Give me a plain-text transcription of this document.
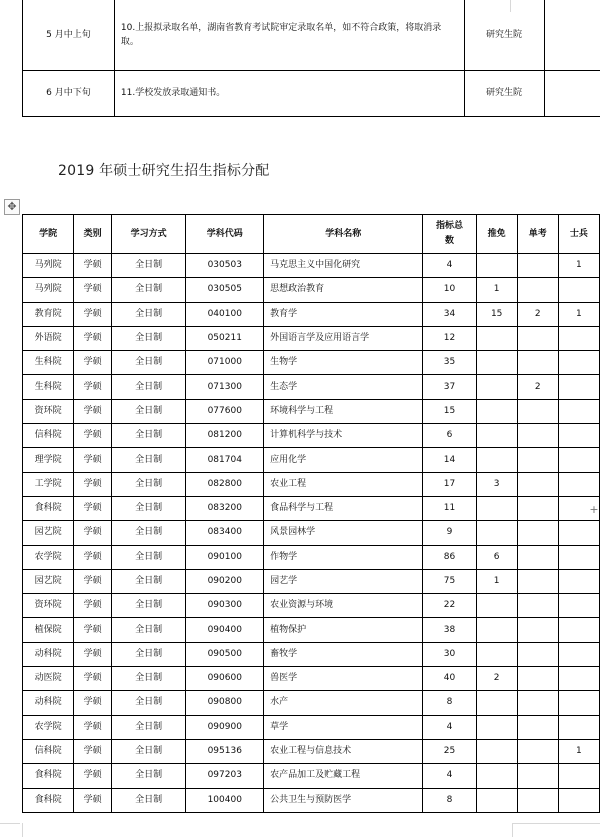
5 月中上旬	10.上报拟录取名单，湖南省教育考试院审定录取名单，如不符合政策，将取消录取。	研究生院	
6 月中下旬	11.学校发放录取通知书。	研究生院	
2019 年硕士研究生招生指标分配
✥
学院	类别	学习方式	学科代码	学科名称	指标总数	推免	单考	士兵
马列院	学硕	全日制	030503	马克思主义中国化研究	4			1
马列院	学硕	全日制	030505	思想政治教育	10	1		
教育院	学硕	全日制	040100	教育学	34	15	2	1
外语院	学硕	全日制	050211	外国语言学及应用语言学	12			
生科院	学硕	全日制	071000	生物学	35			
生科院	学硕	全日制	071300	生态学	37		2	
资环院	学硕	全日制	077600	环境科学与工程	15			
信科院	学硕	全日制	081200	计算机科学与技术	6			
理学院	学硕	全日制	081704	应用化学	14			
工学院	学硕	全日制	082800	农业工程	17	3		
食科院	学硕	全日制	083200	食品科学与工程	11			
园艺院	学硕	全日制	083400	风景园林学	9			
农学院	学硕	全日制	090100	作物学	86	6		
园艺院	学硕	全日制	090200	园艺学	75	1		
资环院	学硕	全日制	090300	农业资源与环境	22			
植保院	学硕	全日制	090400	植物保护	38			
动科院	学硕	全日制	090500	畜牧学	30			
动医院	学硕	全日制	090600	兽医学	40	2		
动科院	学硕	全日制	090800	水产	8			
农学院	学硕	全日制	090900	草学	4			
信科院	学硕	全日制	095136	农业工程与信息技术	25			1
食科院	学硕	全日制	097203	农产品加工及贮藏工程	4			
食科院	学硕	全日制	100400	公共卫生与预防医学	8			
+
